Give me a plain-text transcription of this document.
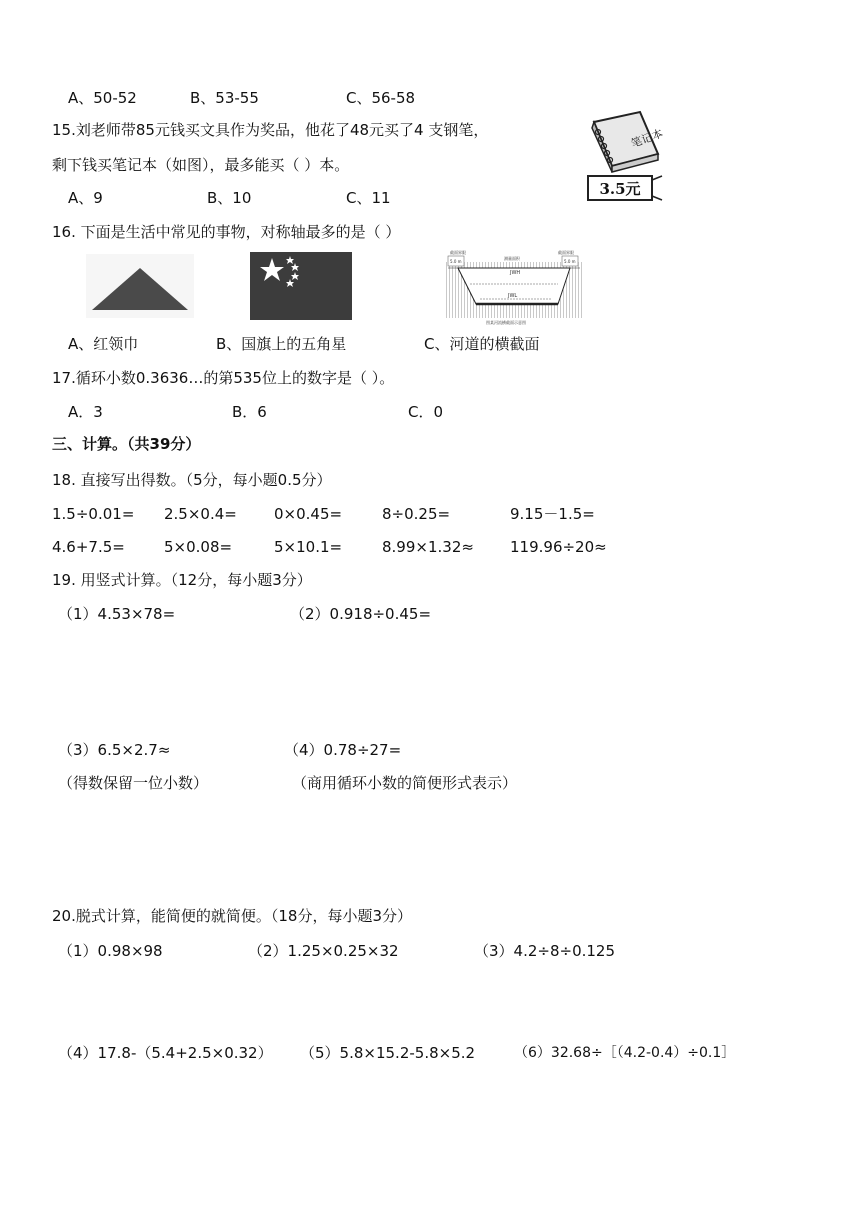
A、50-52	B、53-55	C、56-58
15.刘老师带85元钱买文具作为奖品，他花了48元买了4 支钢笔，
剩下钱买笔记本（如图），最多能买（ ）本。
A、9	B、10	C、11
笔记本
3.5元
16. 下面是生活中常见的事物，对称轴最多的是（ ）
截面界限	截面界限
测量面积
5.0 m	5.0 m
JWH
JWL
图某河流横截面示意图
A、红领巾	B、国旗上的五角星	C、河道的横截面
17.循环小数0.3636…的第535位上的数字是（ ）。
A．3	B．6	C．0
三、计算。（共39分）
18. 直接写出得数。（5分，每小题0.5分）
1.5÷0.01= 2.5×0.4= 0×0.45=	8÷0.25=	9.15－1.5=
4.6+7.5=	5×0.08=	5×10.1=	8.99×1.32≈ 119.96÷20≈
19. 用竖式计算。（12分，每小题3分）
（1）4.53×78=	（2）0.918÷0.45=
（3）6.5×2.7≈	（4）0.78÷27=
（得数保留一位小数）	（商用循环小数的简便形式表示）
20.脱式计算，能简便的就简便。（18分，每小题3分）
（1）0.98×98	（2）1.25×0.25×32	（3）4.2÷8÷0.125
（4）17.8-（5.4+2.5×0.32） （5）5.8×15.2-5.8×5.2	（6）32.68÷［（4.2-0.4）÷0.1］
